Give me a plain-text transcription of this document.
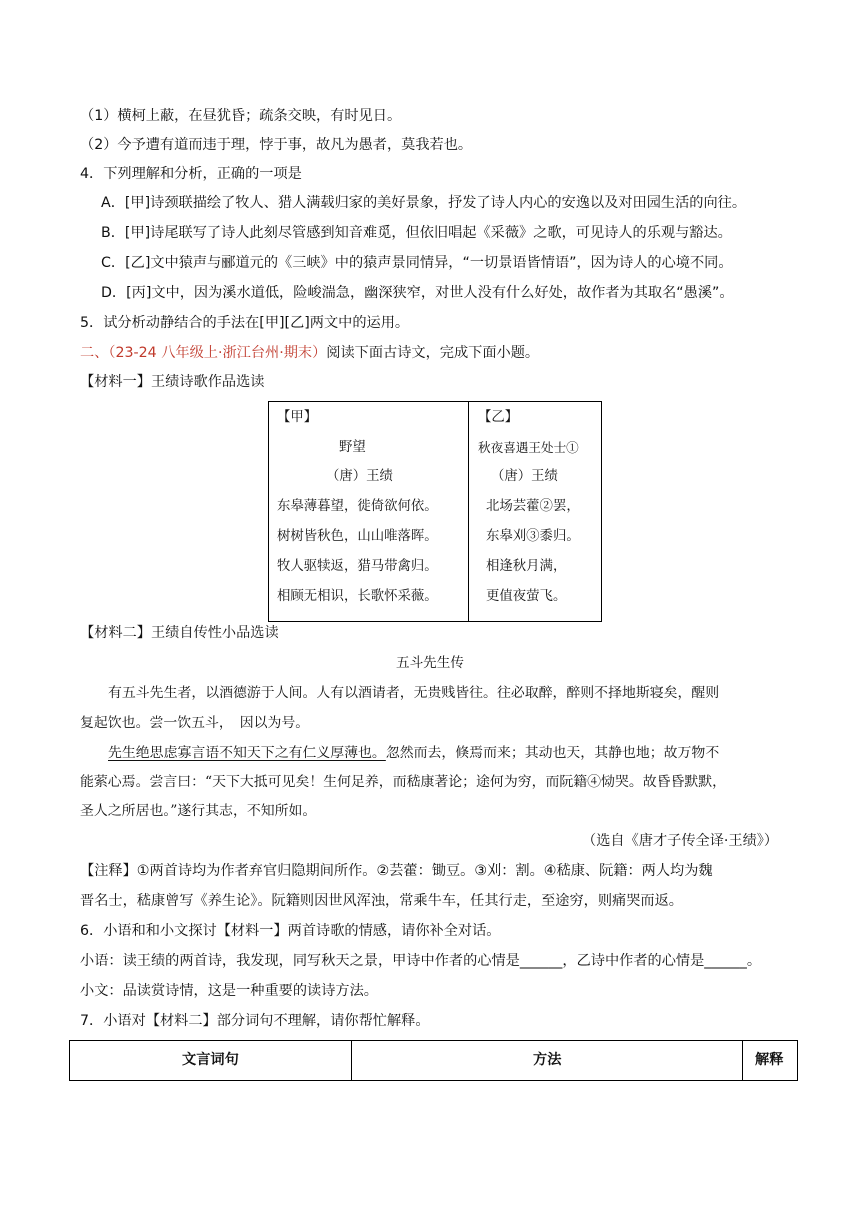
（1）横柯上蔽，在昼犹昏；疏条交映，有时见日。
（2）今予遭有道而违于理，悖于事，故凡为愚者，莫我若也。
4．下列理解和分析，正确的一项是
A．[甲]诗颈联描绘了牧人、猎人满载归家的美好景象，抒发了诗人内心的安逸以及对田园生活的向往。
B．[甲]诗尾联写了诗人此刻尽管感到知音难觅，但依旧唱起《采薇》之歌，可见诗人的乐观与豁达。
C．[乙]文中猿声与郦道元的《三峡》中的猿声景同情异，“一切景语皆情语”，因为诗人的心境不同。
D．[丙]文中，因为溪水道低，险峻湍急，幽深狭窄，对世人没有什么好处，故作者为其取名“愚溪”。
5．试分析动静结合的手法在[甲][乙]两文中的运用。
二、（23-24 八年级上·浙江台州·期末）阅读下面古诗文，完成下面小题。
【材料一】王绩诗歌作品选读
【甲】
野望
（唐）王绩
东皋薄暮望，徙倚欲何依。
树树皆秋色，山山唯落晖。
牧人驱犊返，猎马带禽归。
相顾无相识，长歌怀采薇。
【乙】
秋夜喜遇王处士①
（唐）王绩
北场芸藿②罢，
东皋刈③黍归。
相逢秋月满，
更值夜萤飞。
【材料二】王绩自传性小品选读
五斗先生传
有五斗先生者，以酒德游于人间。人有以酒请者，无贵贱皆往。往必取醉，醉则不择地斯寝矣，醒则
复起饮也。尝一饮五斗，　因以为号。
先生绝思虑寡言语不知天下之有仁义厚薄也。忽然而去，倏焉而来；其动也天，其静也地；故万物不
能萦心焉。尝言曰：“天下大抵可见矣！生何足养，而嵇康著论；途何为穷，而阮籍④恸哭。故昏昏默默，
圣人之所居也。”遂行其志，不知所如。
（选自《唐才子传全译·王绩》）
【注释】①两首诗均为作者弃官归隐期间所作。②芸藿：锄豆。③刈：割。④嵇康、阮籍：两人均为魏
晋名士，嵇康曾写《养生论》。阮籍则因世风浑浊，常乘牛车，任其行走，至途穷，则痛哭而返。
6．小语和和小文探讨【材料一】两首诗歌的情感，请你补全对话。
小语：读王绩的两首诗，我发现，同写秋天之景，甲诗中作者的心情是______，乙诗中作者的心情是______。
小文：品读赏诗情，这是一种重要的读诗方法。
7．小语对【材料二】部分词句不理解，请你帮忙解释。
文言词句	方法	解释
